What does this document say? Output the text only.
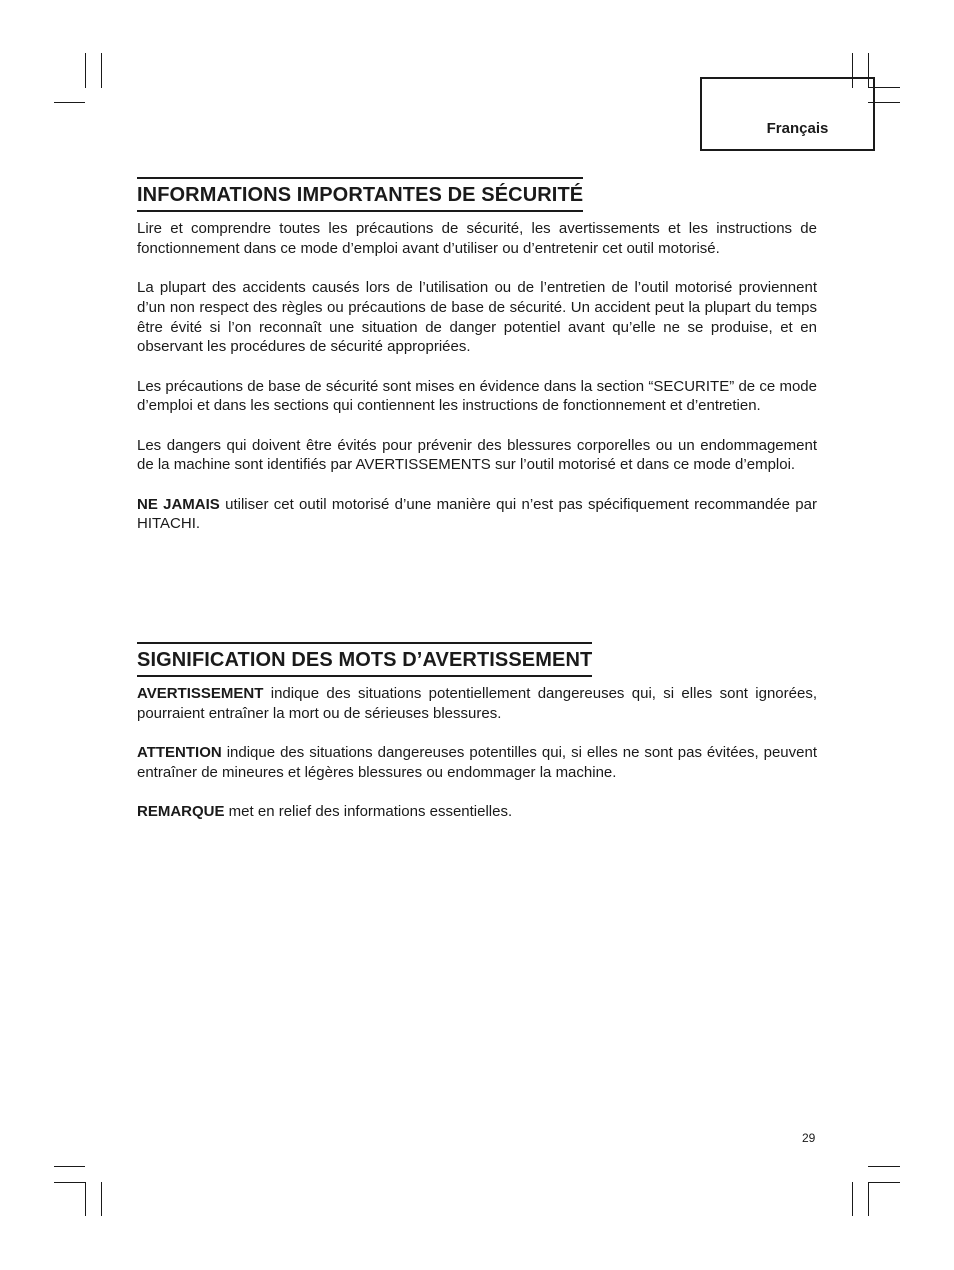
Français
INFORMATIONS IMPORTANTES DE SÉCURITÉ

Lire et comprendre toutes les précautions de sécurité, les avertissements et les instructions de fonctionnement dans ce mode d’emploi avant d’utiliser ou d’entretenir cet outil motorisé.

La plupart des accidents causés lors de l’utilisation ou de l’entretien de l’outil motorisé proviennent d’un non respect des règles ou précautions de base de sécurité. Un accident peut la plupart du temps être évité si l’on reconnaît une situation de danger potentiel avant qu’elle ne se produise, et en observant les procédures de sécurité appropriées.

Les précautions de base de sécurité sont mises en évidence dans la section “SECURITE” de ce mode d’emploi et dans les sections qui contiennent les instructions de fonctionnement et d’entretien.

Les dangers qui doivent être évités pour prévenir des blessures corporelles ou un endommagement de la machine sont identifiés par AVERTISSEMENTS sur l’outil motorisé et dans ce mode d’emploi.

NE JAMAIS utiliser cet outil motorisé d’une manière qui n’est pas spécifiquement recommandée par HITACHI.

SIGNIFICATION DES MOTS D’AVERTISSEMENT

AVERTISSEMENT indique des situations potentiellement dangereuses qui, si elles sont ignorées, pourraient entraîner la mort ou de sérieuses blessures.

ATTENTION indique des situations dangereuses potentilles qui, si elles ne sont pas évitées, peuvent entraîner de mineures et légères blessures ou endommager la machine.

REMARQUE met en relief des informations essentielles.

29
